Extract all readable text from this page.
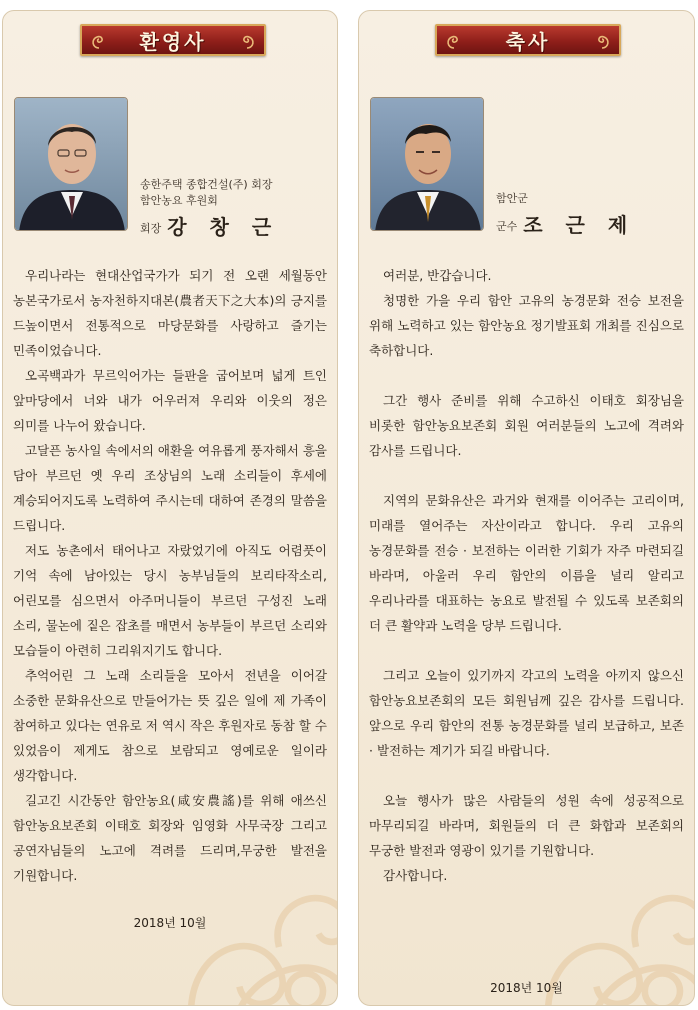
환영사
송한주택 종합건설(주) 회장
함안농요 후원회
회장 강 창 근

우리나라는 현대산업국가가 되기 전 오랜 세월동안 농본국가로서 농자천하지대본(農者天下之大本)의 긍지를 드높이면서 전통적으로 마당문화를 사랑하고 즐기는 민족이었습니다.

오곡백과가 무르익어가는 들판을 굽어보며 넓게 트인 앞마당에서 너와 내가 어우러져 우리와 이웃의 정은 의미를 나누어 왔습니다.

고달픈 농사일 속에서의 애환을 여유롭게 풍자해서 흥을 담아 부르던 옛 우리 조상님의 노래 소리들이 후세에 계승되어지도록 노력하여 주시는데 대하여 존경의 말씀을 드립니다.

저도 농촌에서 태어나고 자랐었기에 아직도 어렴풋이 기억 속에 남아있는 당시 농부님들의 보리타작소리, 어린모를 심으면서 아주머니들이 부르던 구성진 노래 소리, 물논에 짙은 잡초를 매면서 농부들이 부르던 소리와 모습들이 아련히 그리워지기도 합니다.

추억어린 그 노래 소리들을 모아서 전년을 이어갈 소중한 문화유산으로 만들어가는 뜻 깊은 일에 제 가족이 참여하고 있다는 연유로 저 역시 작은 후원자로 동참 할 수 있었음이 제게도 참으로 보람되고 영예로운 일이라 생각합니다.

길고긴 시간동안 함안농요(咸安農謠)를 위해 애쓰신 함안농요보존회 이태호 회장와 임영화 사무국장 그리고 공연자님들의 노고에 격려를 드리며,무궁한 발전을 기원합니다.

2018년 10월
축사
함안군
군수 조 근 제

여러분, 반갑습니다.

청명한 가을 우리 함안 고유의 농경문화 전승 보전을 위해 노력하고 있는 함안농요 정기발표회 개최를 진심으로 축하합니다.

그간 행사 준비를 위해 수고하신 이태호 회장님을 비롯한 함안농요보존회 회원 여러분들의 노고에 격려와 감사를 드립니다.

지역의 문화유산은 과거와 현재를 이어주는 고리이며, 미래를 열어주는 자산이라고 합니다. 우리 고유의 농경문화를 전승 · 보전하는 이러한 기회가 자주 마련되길 바라며, 아울러 우리 함안의 이름을 널리 알리고 우리나라를 대표하는 농요로 발전될 수 있도록 보존회의 더 큰 활약과 노력을 당부 드립니다.

그리고 오늘이 있기까지 각고의 노력을 아끼지 않으신 함안농요보존회의 모든 회원님께 깊은 감사를 드립니다. 앞으로 우리 함안의 전통 농경문화를 널리 보급하고, 보존 · 발전하는 계기가 되길 바랍니다.

오늘 행사가 많은 사람들의 성원 속에 성공적으로 마무리되길 바라며, 회원들의 더 큰 화합과 보존회의 무궁한 발전과 영광이 있기를 기원합니다.

감사합니다.

2018년 10월
